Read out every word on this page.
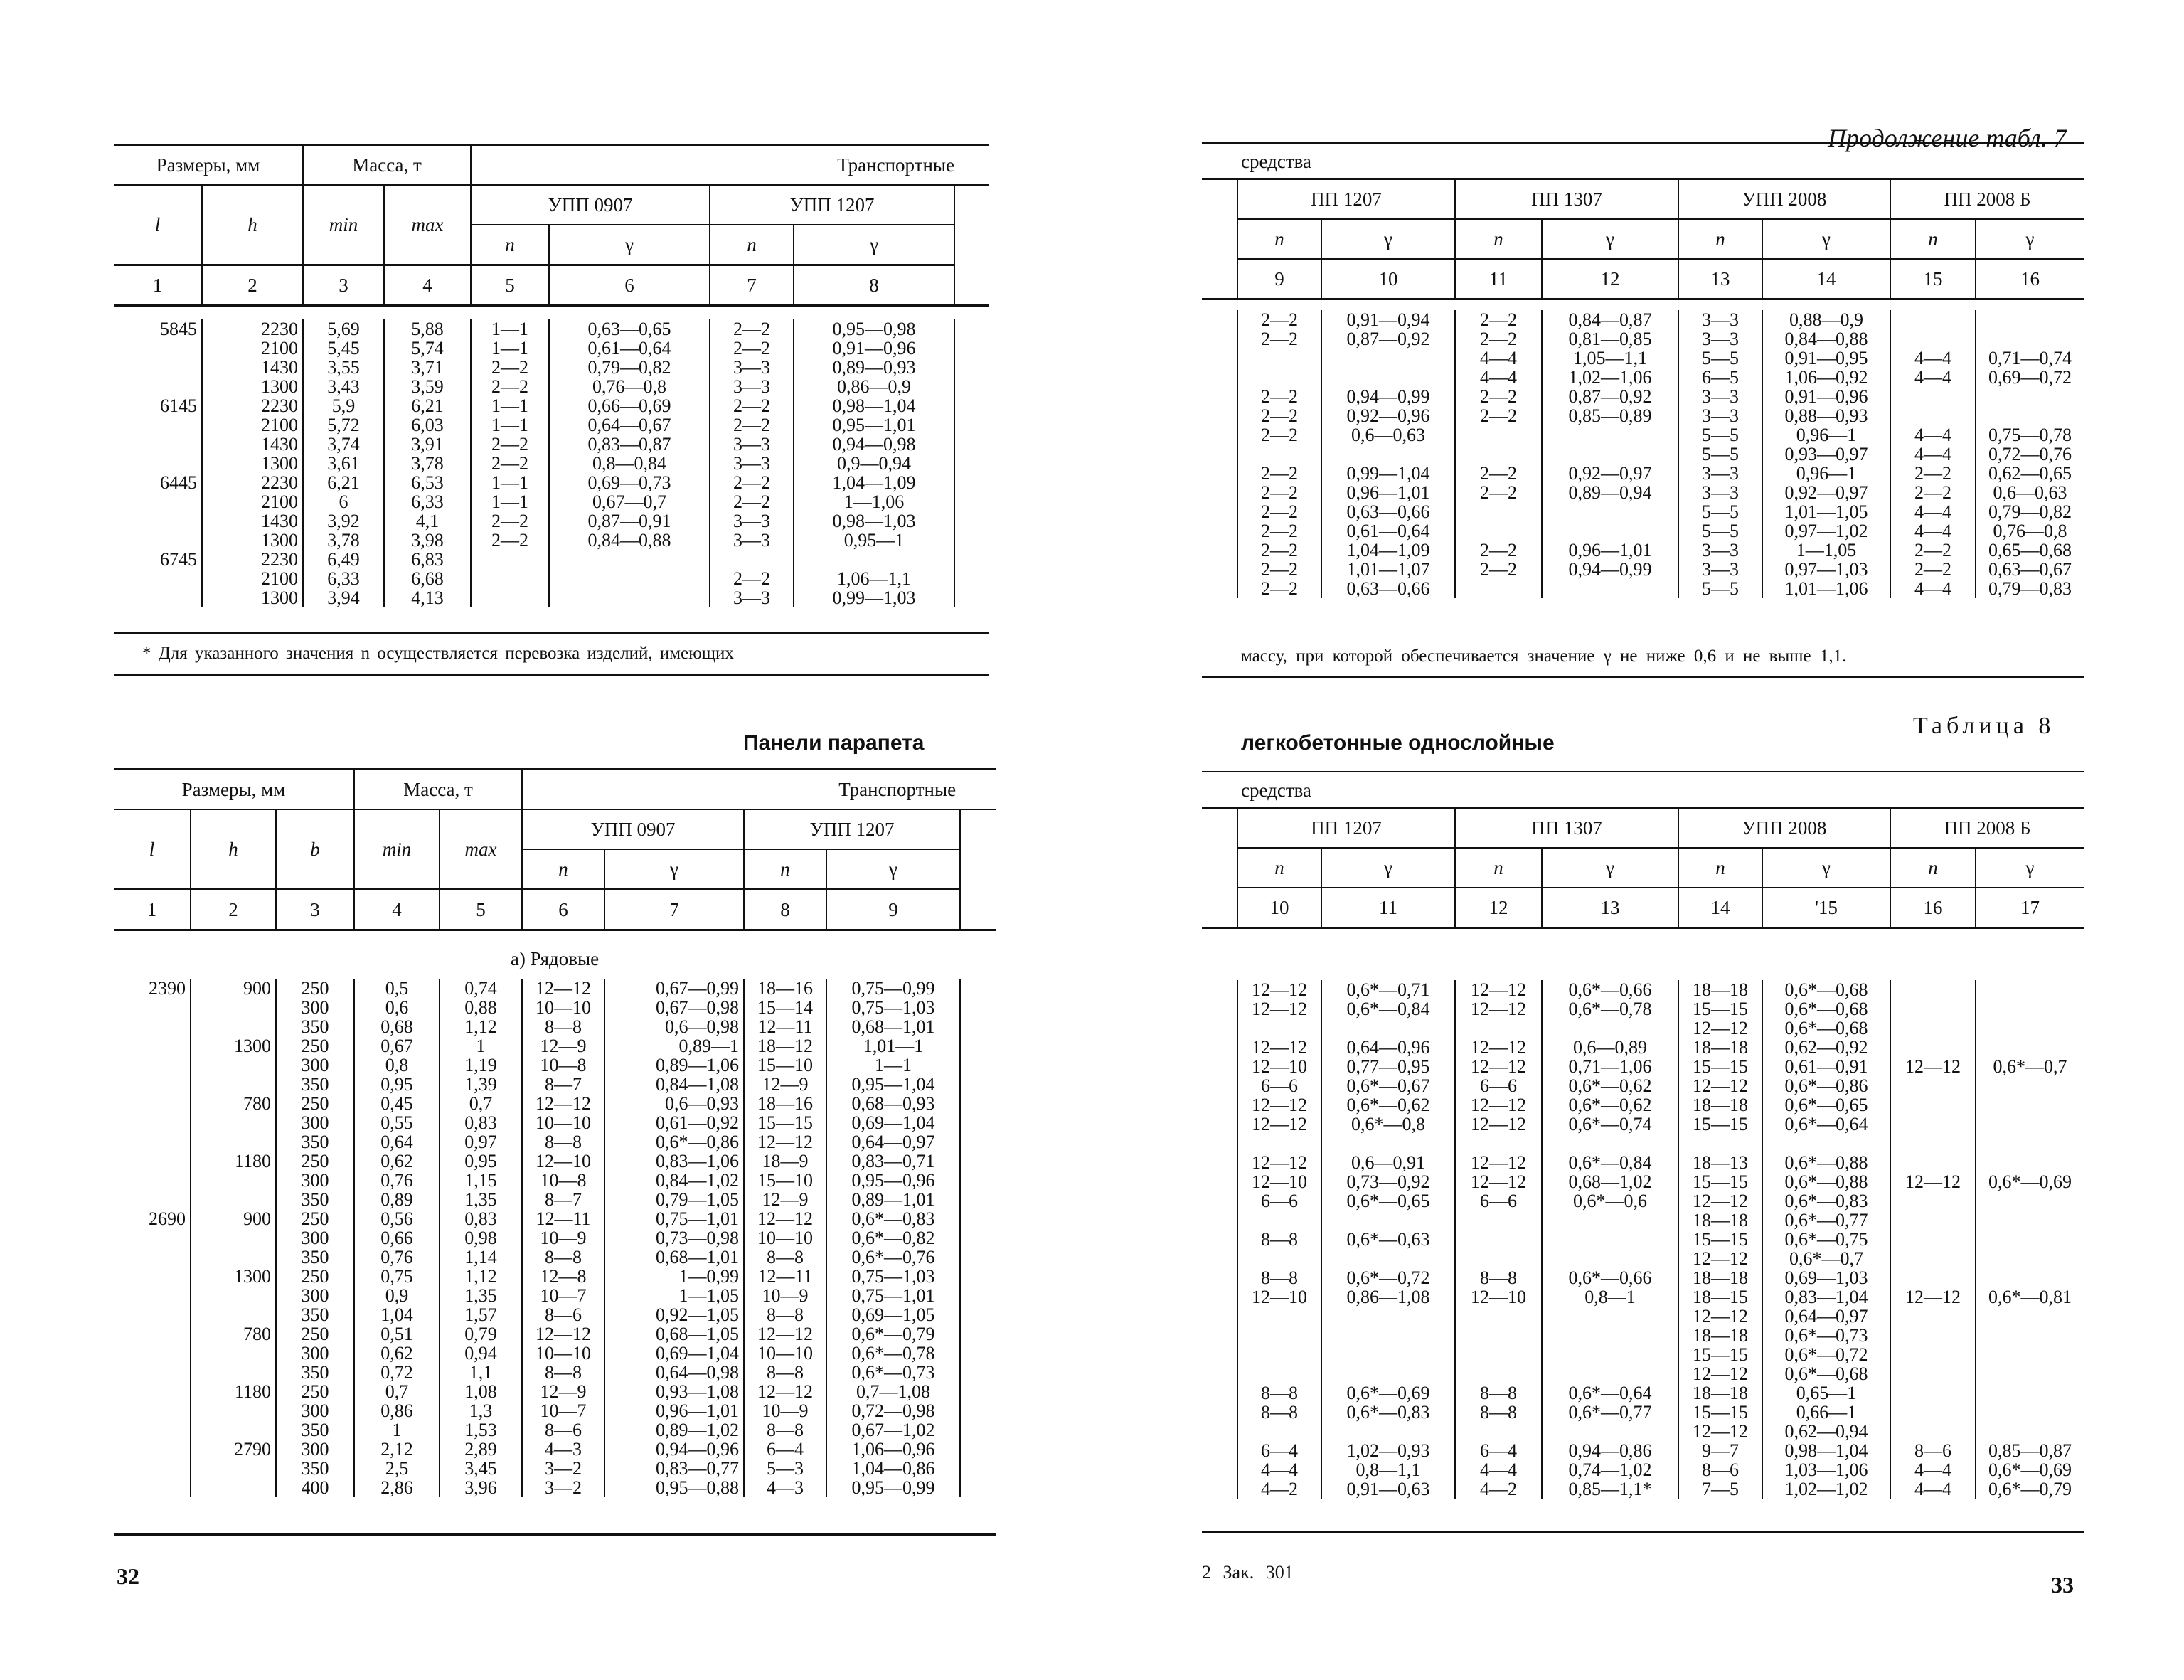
Размеры, мм		Масса, т		Транспортные				
l	h	min	max	УПП 0907		УПП 1207		
				n	γ	n	γ	
1	2	3	4	5	6	7	8	
5845	2230	5,69	5,88	1—1	0,63—0,65	2—2	0,95—0,98	
	2100	5,45	5,74	1—1	0,61—0,64	2—2	0,91—0,96	
	1430	3,55	3,71	2—2	0,79—0,82	3—3	0,89—0,93	
	1300	3,43	3,59	2—2	0,76—0,8	3—3	0,86—0,9	
6145	2230	5,9	6,21	1—1	0,66—0,69	2—2	0,98—1,04	
	2100	5,72	6,03	1—1	0,64—0,67	2—2	0,95—1,01	
	1430	3,74	3,91	2—2	0,83—0,87	3—3	0,94—0,98	
	1300	3,61	3,78	2—2	0,8—0,84	3—3	0,9—0,94	
6445	2230	6,21	6,53	1—1	0,69—0,73	2—2	1,04—1,09	
	2100	6	6,33	1—1	0,67—0,7	2—2	1—1,06	
	1430	3,92	4,1	2—2	0,87—0,91	3—3	0,98—1,03	
	1300	3,78	3,98	2—2	0,84—0,88	3—3	0,95—1	
6745	2230	6,49	6,83					
	2100	6,33	6,68			2—2	1,06—1,1	
	1300	3,94	4,13			3—3	0,99—1,03	
* Для указанного значения n осуществляется перевозка изделий, имеющих
Панели парапета
Размеры, мм			Масса, т		Транспортные				
l	h	b	min	max	УПП 0907		УПП 1207		
					n	γ	n	γ	
1	2	3	4	5	6	7	8	9	
а) Рядовые
2390	900	250	0,5	0,74	12—12	0,67—0,99	18—16	0,75—0,99	
		300	0,6	0,88	10—10	0,67—0,98	15—14	0,75—1,03	
		350	0,68	1,12	8—8	0,6—0,98	12—11	0,68—1,01	
	1300	250	0,67	1	12—9	0,89—1	18—12	1,01—1	
		300	0,8	1,19	10—8	0,89—1,06	15—10	1—1	
		350	0,95	1,39	8—7	0,84—1,08	12—9	0,95—1,04	
	780	250	0,45	0,7	12—12	0,6—0,93	18—16	0,68—0,93	
		300	0,55	0,83	10—10	0,61—0,92	15—15	0,69—1,04	
		350	0,64	0,97	8—8	0,6*—0,86	12—12	0,64—0,97	
	1180	250	0,62	0,95	12—10	0,83—1,06	18—9	0,83—0,71	
		300	0,76	1,15	10—8	0,84—1,02	15—10	0,95—0,96	
		350	0,89	1,35	8—7	0,79—1,05	12—9	0,89—1,01	
2690	900	250	0,56	0,83	12—11	0,75—1,01	12—12	0,6*—0,83	
		300	0,66	0,98	10—9	0,73—0,98	10—10	0,6*—0,82	
		350	0,76	1,14	8—8	0,68—1,01	8—8	0,6*—0,76	
	1300	250	0,75	1,12	12—8	1—0,99	12—11	0,75—1,03	
		300	0,9	1,35	10—7	1—1,05	10—9	0,75—1,01	
		350	1,04	1,57	8—6	0,92—1,05	8—8	0,69—1,05	
	780	250	0,51	0,79	12—12	0,68—1,05	12—12	0,6*—0,79	
		300	0,62	0,94	10—10	0,69—1,04	10—10	0,6*—0,78	
		350	0,72	1,1	8—8	0,64—0,98	8—8	0,6*—0,73	
	1180	250	0,7	1,08	12—9	0,93—1,08	12—12	0,7—1,08	
		300	0,86	1,3	10—7	0,96—1,01	10—9	0,72—0,98	
		350	1	1,53	8—6	0,89—1,02	8—8	0,67—1,02	
	2790	300	2,12	2,89	4—3	0,94—0,96	6—4	1,06—0,96	
		350	2,5	3,45	3—2	0,83—0,77	5—3	1,04—0,86	
		400	2,86	3,96	3—2	0,95—0,88	4—3	0,95—0,99	
32
Продолжение табл. 7
средства
	ПП 1207		ПП 1307		УПП 2008		ПП 2008 Б	
	n	γ	n	γ	n	γ	n	γ
	9	10	11	12	13	14	15	16
	2—2	0,91—0,94	2—2	0,84—0,87	3—3	0,88—0,9		
	2—2	0,87—0,92	2—2	0,81—0,85	3—3	0,84—0,88		
			4—4	1,05—1,1	5—5	0,91—0,95	4—4	0,71—0,74
			4—4	1,02—1,06	6—5	1,06—0,92	4—4	0,69—0,72
	2—2	0,94—0,99	2—2	0,87—0,92	3—3	0,91—0,96		
	2—2	0,92—0,96	2—2	0,85—0,89	3—3	0,88—0,93		
	2—2	0,6—0,63			5—5	0,96—1	4—4	0,75—0,78
					5—5	0,93—0,97	4—4	0,72—0,76
	2—2	0,99—1,04	2—2	0,92—0,97	3—3	0,96—1	2—2	0,62—0,65
	2—2	0,96—1,01	2—2	0,89—0,94	3—3	0,92—0,97	2—2	0,6—0,63
	2—2	0,63—0,66			5—5	1,01—1,05	4—4	0,79—0,82
	2—2	0,61—0,64			5—5	0,97—1,02	4—4	0,76—0,8
	2—2	1,04—1,09	2—2	0,96—1,01	3—3	1—1,05	2—2	0,65—0,68
	2—2	1,01—1,07	2—2	0,94—0,99	3—3	0,97—1,03	2—2	0,63—0,67
	2—2	0,63—0,66			5—5	1,01—1,06	4—4	0,79—0,83
массу, при которой обеспечивается значение γ не ниже 0,6 и не выше 1,1.
Таблица 8
легкобетонные однослойные
средства
	ПП 1207		ПП 1307		УПП 2008		ПП 2008 Б	
	n	γ	n	γ	n	γ	n	γ
	10	11	12	13	14	'15	16	17
	12—12	0,6*—0,71	12—12	0,6*—0,66	18—18	0,6*—0,68		
	12—12	0,6*—0,84	12—12	0,6*—0,78	15—15	0,6*—0,68		
					12—12	0,6*—0,68		
	12—12	0,64—0,96	12—12	0,6—0,89	18—18	0,62—0,92		
	12—10	0,77—0,95	12—12	0,71—1,06	15—15	0,61—0,91	12—12	0,6*—0,7
	6—6	0,6*—0,67	6—6	0,6*—0,62	12—12	0,6*—0,86		
	12—12	0,6*—0,62	12—12	0,6*—0,62	18—18	0,6*—0,65		
	12—12	0,6*—0,8	12—12	0,6*—0,74	15—15	0,6*—0,64		

	12—12	0,6—0,91	12—12	0,6*—0,84	18—13	0,6*—0,88		
	12—10	0,73—0,92	12—12	0,68—1,02	15—15	0,6*—0,88	12—12	0,6*—0,69
	6—6	0,6*—0,65	6—6	0,6*—0,6	12—12	0,6*—0,83		
					18—18	0,6*—0,77		
	8—8	0,6*—0,63			15—15	0,6*—0,75		
					12—12	0,6*—0,7		
	8—8	0,6*—0,72	8—8	0,6*—0,66	18—18	0,69—1,03		
	12—10	0,86—1,08	12—10	0,8—1	18—15	0,83—1,04	12—12	0,6*—0,81
					12—12	0,64—0,97		
					18—18	0,6*—0,73		
					15—15	0,6*—0,72		
					12—12	0,6*—0,68		
	8—8	0,6*—0,69	8—8	0,6*—0,64	18—18	0,65—1		
	8—8	0,6*—0,83	8—8	0,6*—0,77	15—15	0,66—1		
					12—12	0,62—0,94		
	6—4	1,02—0,93	6—4	0,94—0,86	9—7	0,98—1,04	8—6	0,85—0,87
	4—4	0,8—1,1	4—4	0,74—1,02	8—6	1,03—1,06	4—4	0,6*—0,69
	4—2	0,91—0,63	4—2	0,85—1,1*	7—5	1,02—1,02	4—4	0,6*—0,79
2 Зак. 301	33
